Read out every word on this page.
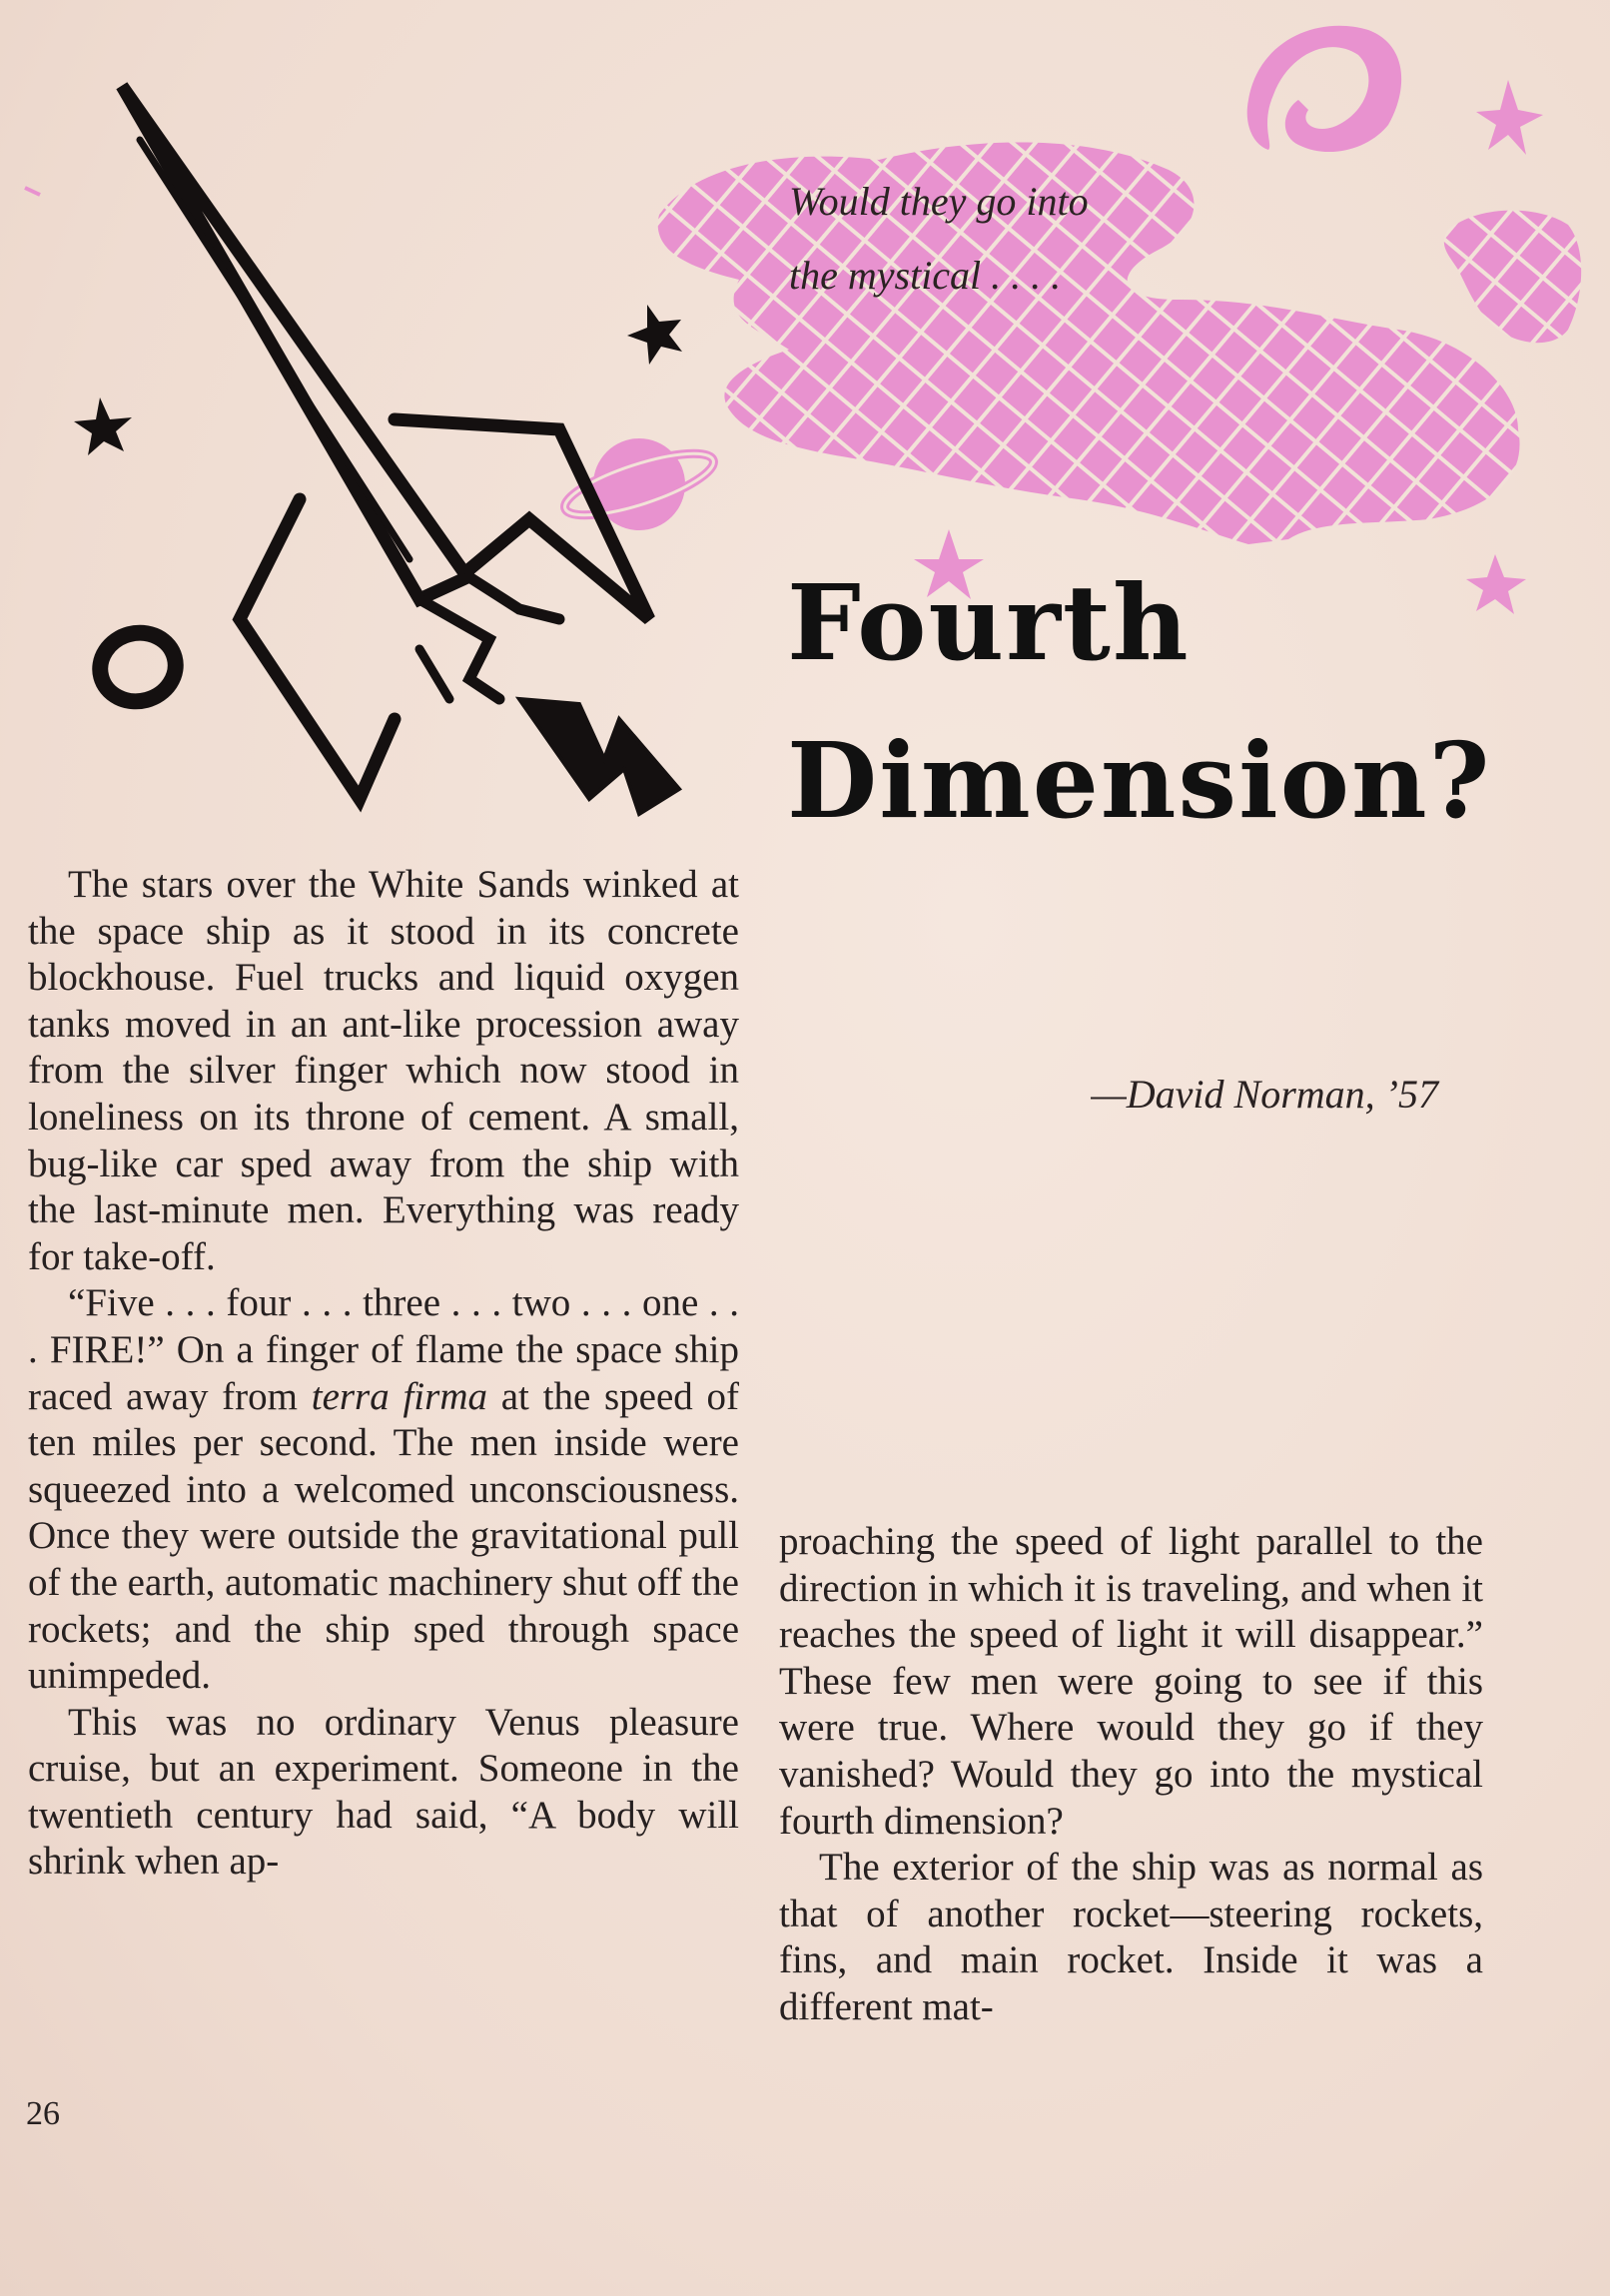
Would they go into
the mystical . . . .
Fourth
Dimension?
—David Norman, ’57

The stars over the White Sands winked at the space ship as it stood in its concrete blockhouse. Fuel trucks and liquid oxygen tanks moved in an ant-like procession away from the silver finger which now stood in loneliness on its throne of cement. A small, bug-like car sped away from the ship with the last-minute men. Everything was ready for take-off.

“Five . . . four . . . three . . . two . . . one . . . FIRE!” On a finger of flame the space ship raced away from terra firma at the speed of ten miles per second. The men inside were squeezed into a welcomed unconsciousness. Once they were outside the gravitational pull of the earth, automatic machinery shut off the rockets; and the ship sped through space unimpeded.

This was no ordinary Venus pleasure cruise, but an experiment. Someone in the twentieth century had said, “A body will shrink when ap-

proaching the speed of light parallel to the direction in which it is traveling, and when it reaches the speed of light it will disappear.” These few men were going to see if this were true. Where would they go if they vanished? Would they go into the mystical fourth dimension?

The exterior of the ship was as normal as that of another rocket—steering rockets, fins, and main rocket. Inside it was a different mat-

26
